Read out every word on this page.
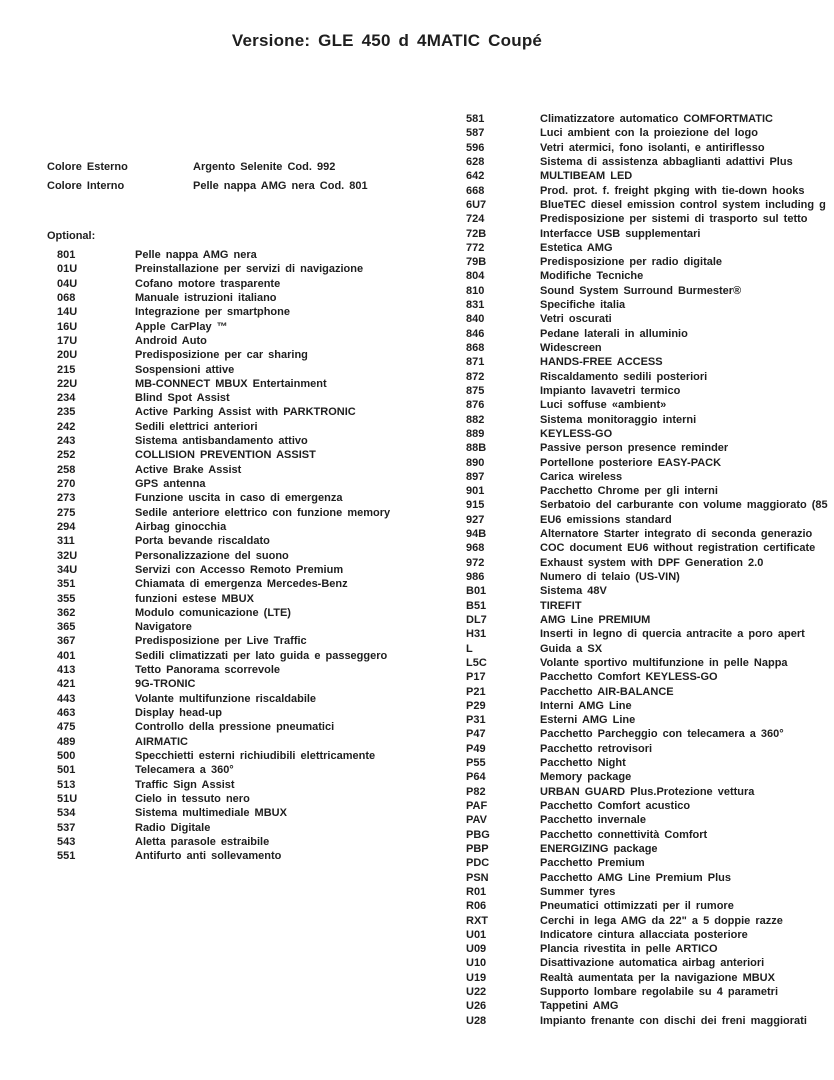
Versione: GLE 450 d 4MATIC Coupé
Colore Esterno	Argento Selenite Cod. 992
Colore Interno	Pelle nappa AMG nera Cod. 801
Optional:
801	Pelle nappa AMG nera
01U	Preinstallazione per servizi di navigazione
04U	Cofano motore trasparente
068	Manuale istruzioni italiano
14U	Integrazione per smartphone
16U	Apple CarPlay ™
17U	Android Auto
20U	Predisposizione per car sharing
215	Sospensioni attive
22U	MB-CONNECT MBUX Entertainment
234	Blind Spot Assist
235	Active Parking Assist with PARKTRONIC
242	Sedili elettrici anteriori
243	Sistema antisbandamento attivo
252	COLLISION PREVENTION ASSIST
258	Active Brake Assist
270	GPS antenna
273	Funzione uscita in caso di emergenza
275	Sedile anteriore elettrico con funzione memory
294	Airbag ginocchia
311	Porta bevande riscaldato
32U	Personalizzazione del suono
34U	Servizi con Accesso Remoto Premium
351	Chiamata di emergenza Mercedes-Benz
355	funzioni estese MBUX
362	Modulo comunicazione (LTE)
365	Navigatore
367	Predisposizione per Live Traffic
401	Sedili climatizzati per lato guida e passeggero
413	Tetto Panorama scorrevole
421	9G-TRONIC
443	Volante multifunzione riscaldabile
463	Display head-up
475	Controllo della pressione pneumatici
489	AIRMATIC
500	Specchietti esterni richiudibili elettricamente
501	Telecamera a 360°
513	Traffic Sign Assist
51U	Cielo in tessuto nero
534	Sistema multimediale MBUX
537	Radio Digitale
543	Aletta parasole estraibile
551	Antifurto anti sollevamento
581	Climatizzatore automatico COMFORTMATIC
587	Luci ambient con la proiezione del logo
596	Vetri atermici, fono isolanti, e antiriflesso
628	Sistema di assistenza abbaglianti adattivi Plus
642	MULTIBEAM LED
668	Prod. prot. f. freight pkging with tie-down hooks
6U7	BlueTEC diesel emission control system including g
724	Predisposizione per sistemi di trasporto sul tetto
72B	Interfacce USB supplementari
772	Estetica AMG
79B	Predisposizione per radio digitale
804	Modifiche Tecniche
810	Sound System Surround Burmester®
831	Specifiche italia
840	Vetri oscurati
846	Pedane laterali in alluminio
868	Widescreen
871	HANDS-FREE ACCESS
872	Riscaldamento sedili posteriori
875	Impianto lavavetri termico
876	Luci soffuse «ambient»
882	Sistema monitoraggio interni
889	KEYLESS-GO
88B	Passive person presence reminder
890	Portellone posteriore EASY-PACK
897	Carica wireless
901	Pacchetto Chrome per gli interni
915	Serbatoio del carburante con volume maggiorato (85
927	EU6 emissions standard
94B	Alternatore Starter integrato di seconda generazio
968	COC document EU6 without registration certificate
972	Exhaust system with DPF Generation 2.0
986	Numero di telaio (US-VIN)
B01	Sistema 48V
B51	TIREFIT
DL7	AMG Line PREMIUM
H31	Inserti in legno di quercia antracite a poro apert
L	Guida a SX
L5C	Volante sportivo multifunzione in pelle Nappa
P17	Pacchetto Comfort KEYLESS-GO
P21	Pacchetto AIR-BALANCE
P29	Interni AMG Line
P31	Esterni AMG Line
P47	Pacchetto Parcheggio con telecamera a 360°
P49	Pacchetto retrovisori
P55	Pacchetto Night
P64	Memory package
P82	URBAN GUARD Plus.Protezione vettura
PAF	Pacchetto Comfort acustico
PAV	Pacchetto invernale
PBG	Pacchetto connettività Comfort
PBP	ENERGIZING package
PDC	Pacchetto Premium
PSN	Pacchetto AMG Line Premium Plus
R01	Summer tyres
R06	Pneumatici ottimizzati per il rumore
RXT	Cerchi in lega AMG da 22" a 5 doppie razze
U01	Indicatore cintura allacciata posteriore
U09	Plancia rivestita in pelle ARTICO
U10	Disattivazione automatica airbag anteriori
U19	Realtà aumentata per la navigazione MBUX
U22	Supporto lombare regolabile su 4 parametri
U26	Tappetini AMG
U28	Impianto frenante con dischi dei freni maggiorati
